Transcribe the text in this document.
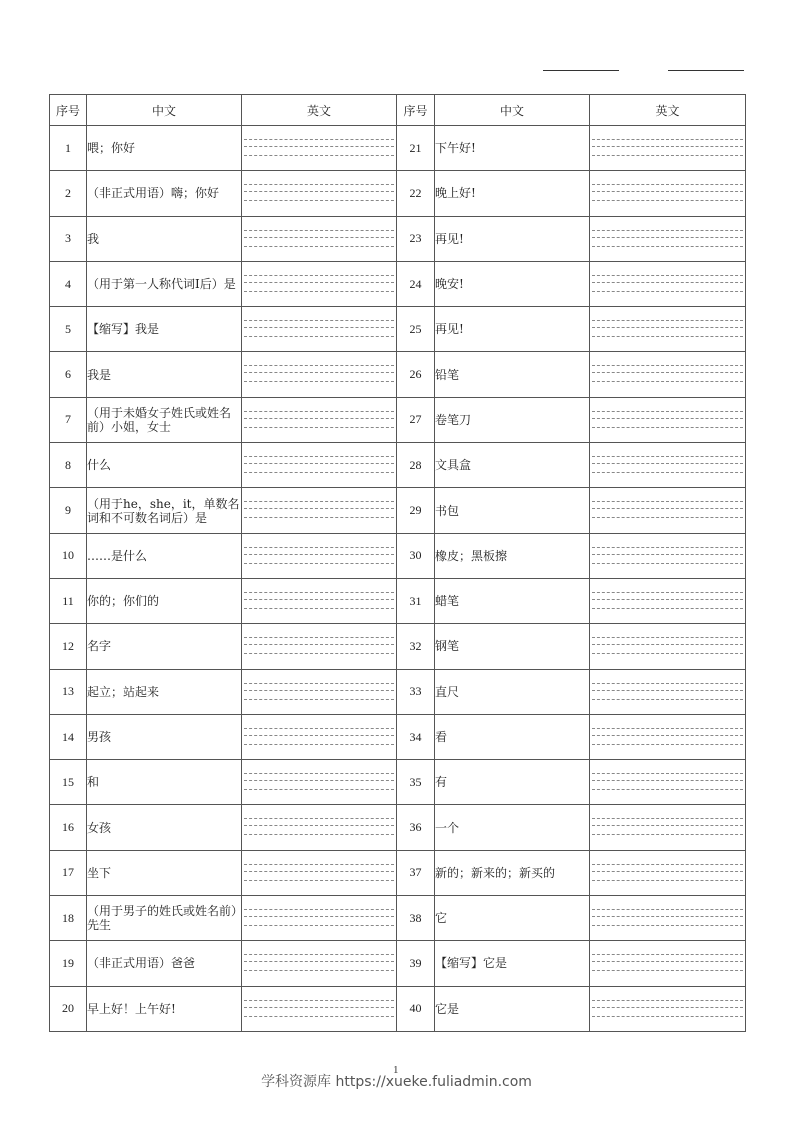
序号	中文	英文	序号	中文	英文
1	喂；你好		21	下午好!	

2	（非正式用语）嗨；你好		22	晚上好!	

3	我		23	再见!	

4	（用于第一人称代词I后）是		24	晚安!	

5	【缩写】我是		25	再见!	

6	我是		26	铅笔	

7	（用于未婚女子姓氏或姓名前）小姐，女士		27	卷笔刀	

8	什么		28	文具盒	

9	（用于he，she，it，单数名词和不可数名词后）是		29	书包	

10	……是什么		30	橡皮；黑板擦	

11	你的；你们的		31	蜡笔	

12	名字		32	钢笔	

13	起立；站起来		33	直尺	

14	男孩		34	看	

15	和		35	有	

16	女孩		36	一个	

17	坐下		37	新的；新来的；新买的	

18	（用于男子的姓氏或姓名前）先生		38	它	

19	（非正式用语）爸爸		39	【缩写】它是	

20	早上好！上午好!		40	它是	
1
学科资源库 https://xueke.fuliadmin.com
